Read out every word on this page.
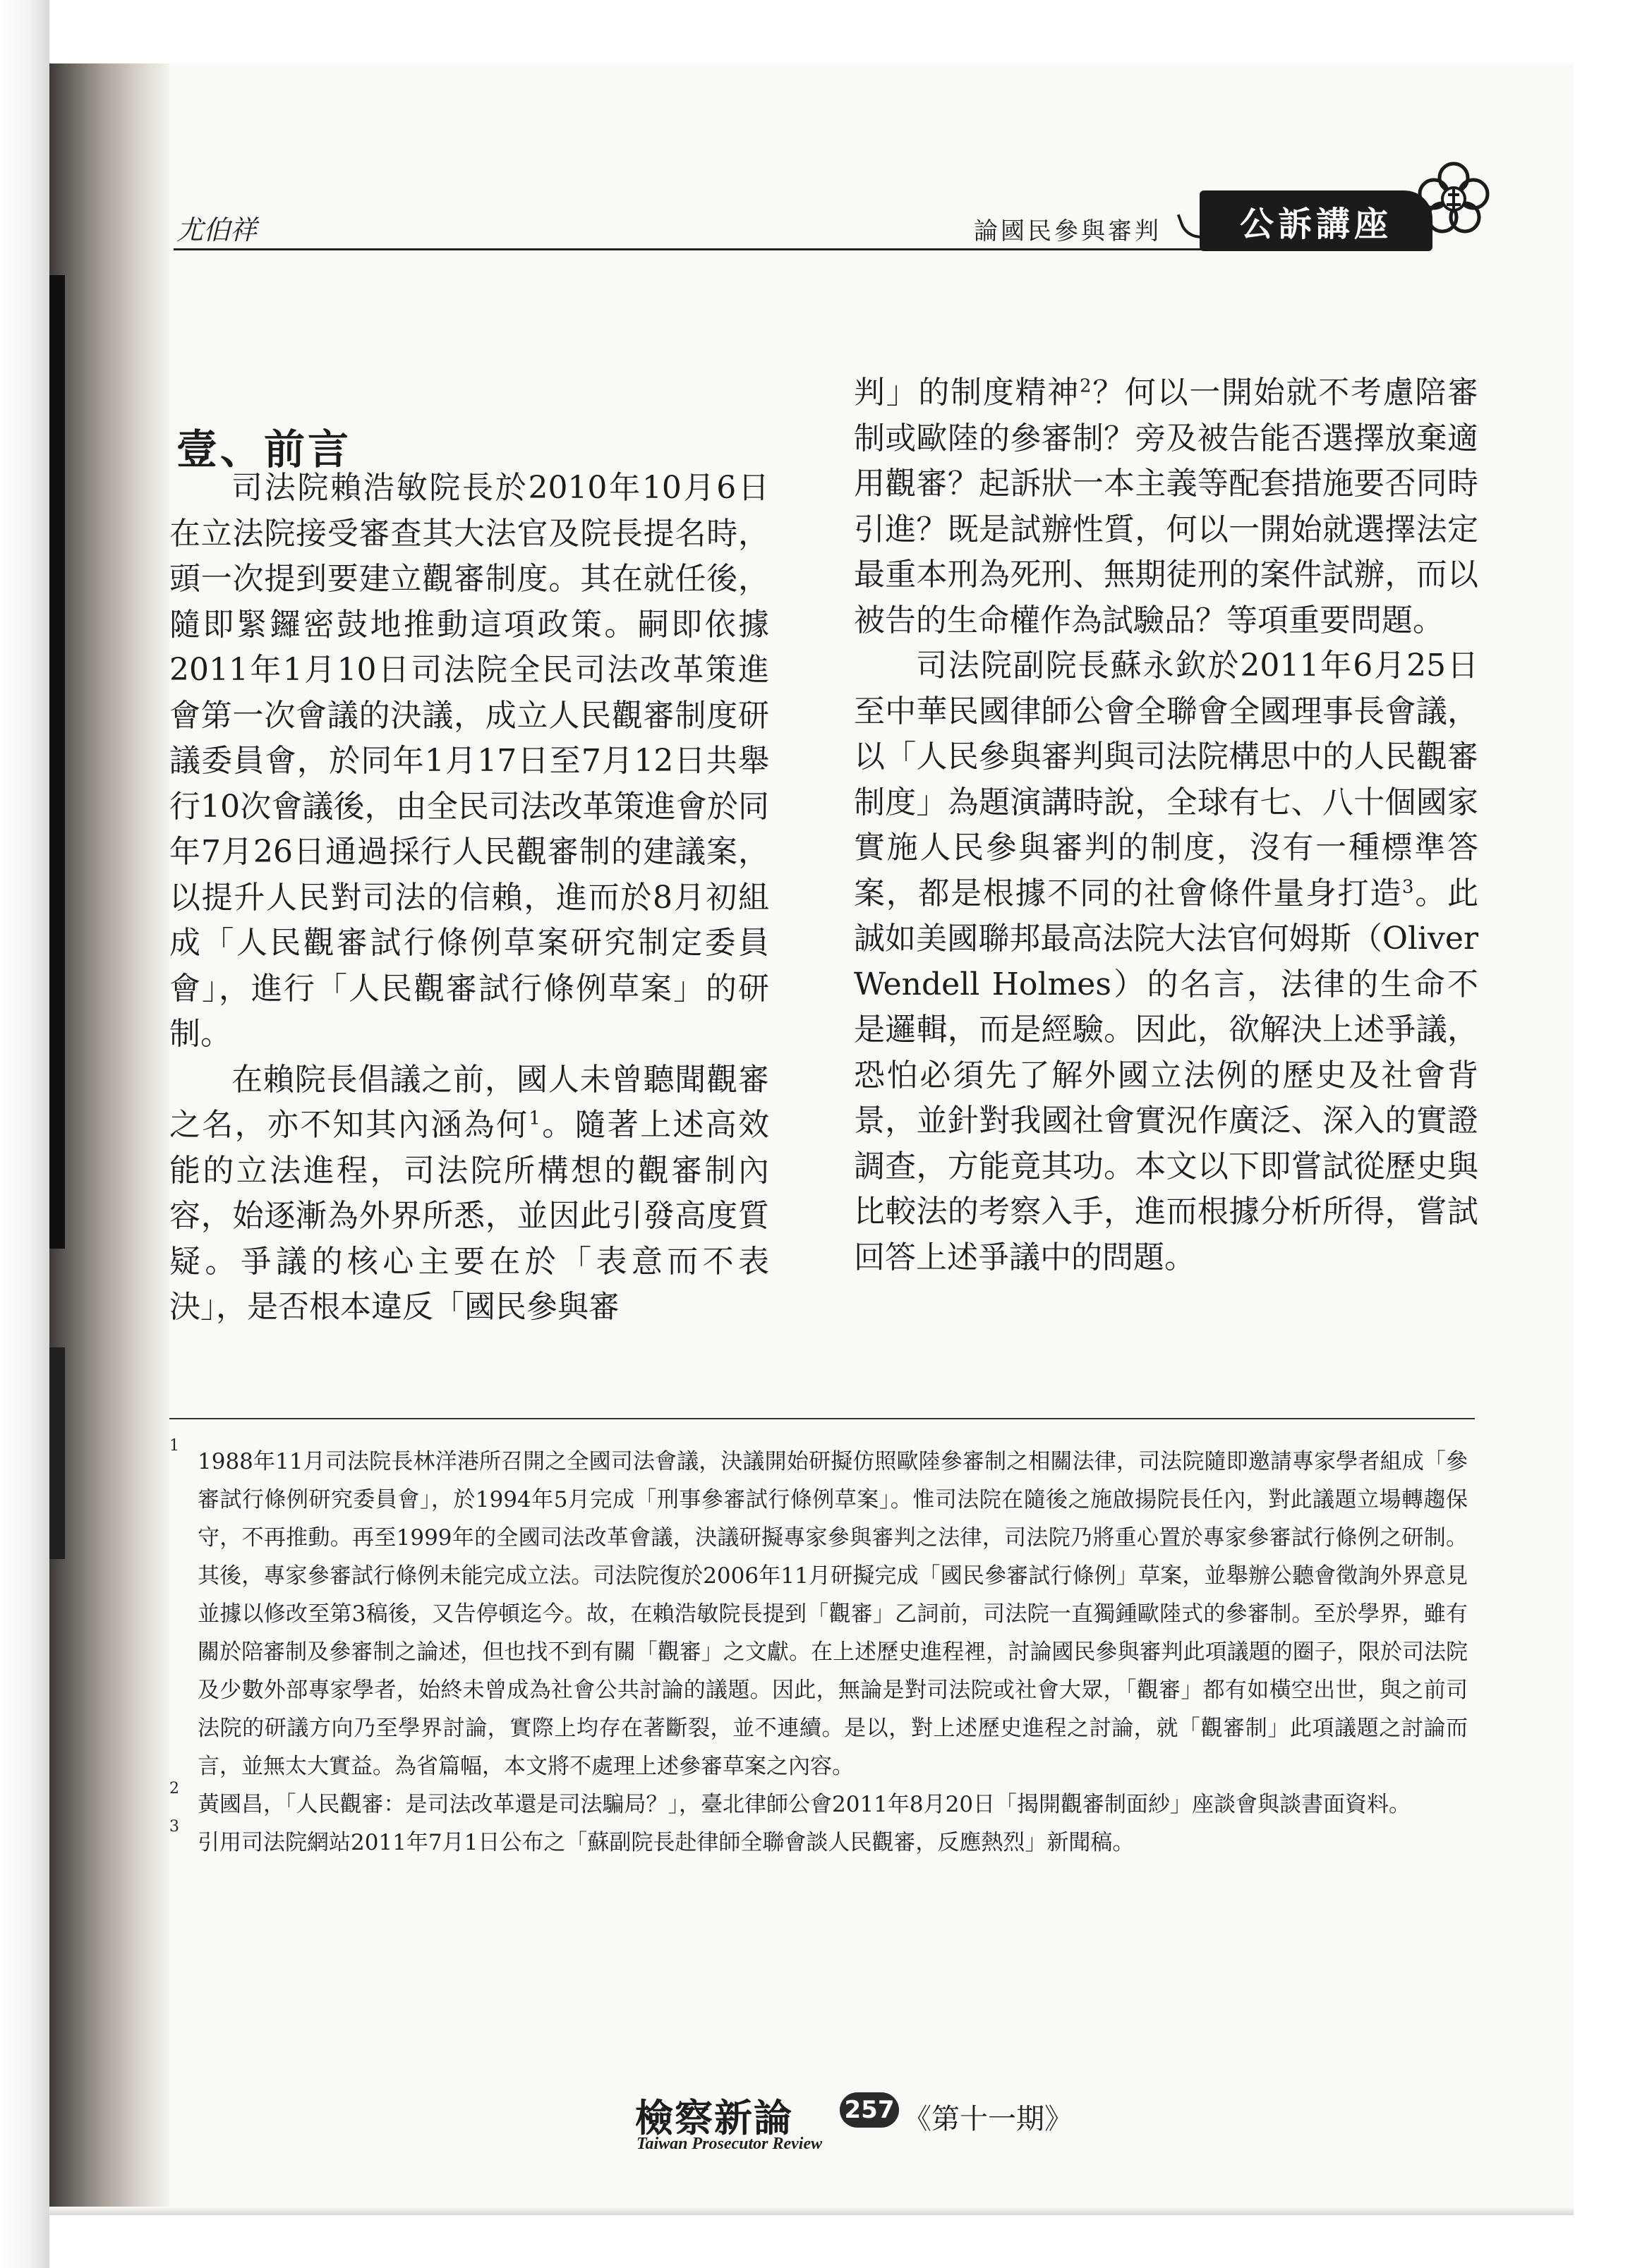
尤伯祥	論國民參與審判 公訴講座
壹、前言

司法院賴浩敏院長於2010年10月6日在立法院接受審查其大法官及院長提名時，頭一次提到要建立觀審制度。其在就任後，隨即緊鑼密鼓地推動這項政策。嗣即依據2011年1月10日司法院全民司法改革策進會第一次會議的決議，成立人民觀審制度研議委員會，於同年1月17日至7月12日共舉行10次會議後，由全民司法改革策進會於同年7月26日通過採行人民觀審制的建議案，以提升人民對司法的信賴，進而於8月初組成「人民觀審試行條例草案研究制定委員會」，進行「人民觀審試行條例草案」的研制。

在賴院長倡議之前，國人未曾聽聞觀審之名，亦不知其內涵為何$^1$。隨著上述高效能的立法進程，司法院所構想的觀審制內容，始逐漸為外界所悉，並因此引發高度質疑。爭議的核心主要在於「表意而不表決」，是否根本違反「國民參與審

判」的制度精神$^2$？何以一開始就不考慮陪審制或歐陸的參審制？旁及被告能否選擇放棄適用觀審？起訴狀一本主義等配套措施要否同時引進？既是試辦性質，何以一開始就選擇法定最重本刑為死刑、無期徒刑的案件試辦，而以被告的生命權作為試驗品？等項重要問題。

司法院副院長蘇永欽於2011年6月25日至中華民國律師公會全聯會全國理事長會議，以「人民參與審判與司法院構思中的人民觀審制度」為題演講時說，全球有七、八十個國家實施人民參與審判的制度，沒有一種標準答案，都是根據不同的社會條件量身打造$^3$。此誠如美國聯邦最高法院大法官何姆斯（Oliver Wendell Holmes）的名言，法律的生命不是邏輯，而是經驗。因此，欲解決上述爭議，恐怕必須先了解外國立法例的歷史及社會背景，並針對我國社會實況作廣泛、深入的實證調查，方能竟其功。本文以下即嘗試從歷史與比較法的考察入手，進而根據分析所得，嘗試回答上述爭議中的問題。

1
1988年11月司法院長林洋港所召開之全國司法會議，決議開始研擬仿照歐陸參審制之相關法律，司法院隨即邀請專家學者組成「參審試行條例研究委員會」，於1994年5月完成「刑事參審試行條例草案」。惟司法院在隨後之施啟揚院長任內，對此議題立場轉趨保守，不再推動。再至1999年的全國司法改革會議，決議研擬專家參與審判之法律，司法院乃將重心置於專家參審試行條例之研制。其後，專家參審試行條例未能完成立法。司法院復於2006年11月研擬完成「國民參審試行條例」草案，並舉辦公聽會徵詢外界意見並據以修改至第3稿後，又告停頓迄今。故，在賴浩敏院長提到「觀審」乙詞前，司法院一直獨鍾歐陸式的參審制。至於學界，雖有關於陪審制及參審制之論述，但也找不到有關「觀審」之文獻。在上述歷史進程裡，討論國民參與審判此項議題的圈子，限於司法院及少數外部專家學者，始終未曾成為社會公共討論的議題。因此，無論是對司法院或社會大眾，「觀審」都有如橫空出世，與之前司法院的研議方向乃至學界討論，實際上均存在著斷裂，並不連續。是以，對上述歷史進程之討論，就「觀審制」此項議題之討論而言，並無太大實益。為省篇幅，本文將不處理上述參審草案之內容。

2
黃國昌，「人民觀審：是司法改革還是司法騙局？」，臺北律師公會2011年8月20日「揭開觀審制面紗」座談會與談書面資料。

3
引用司法院網站2011年7月1日公布之「蘇副院長赴律師全聯會談人民觀審，反應熱烈」新聞稿。

檢察新論 257 《第十一期》
Taiwan Prosecutor Review
